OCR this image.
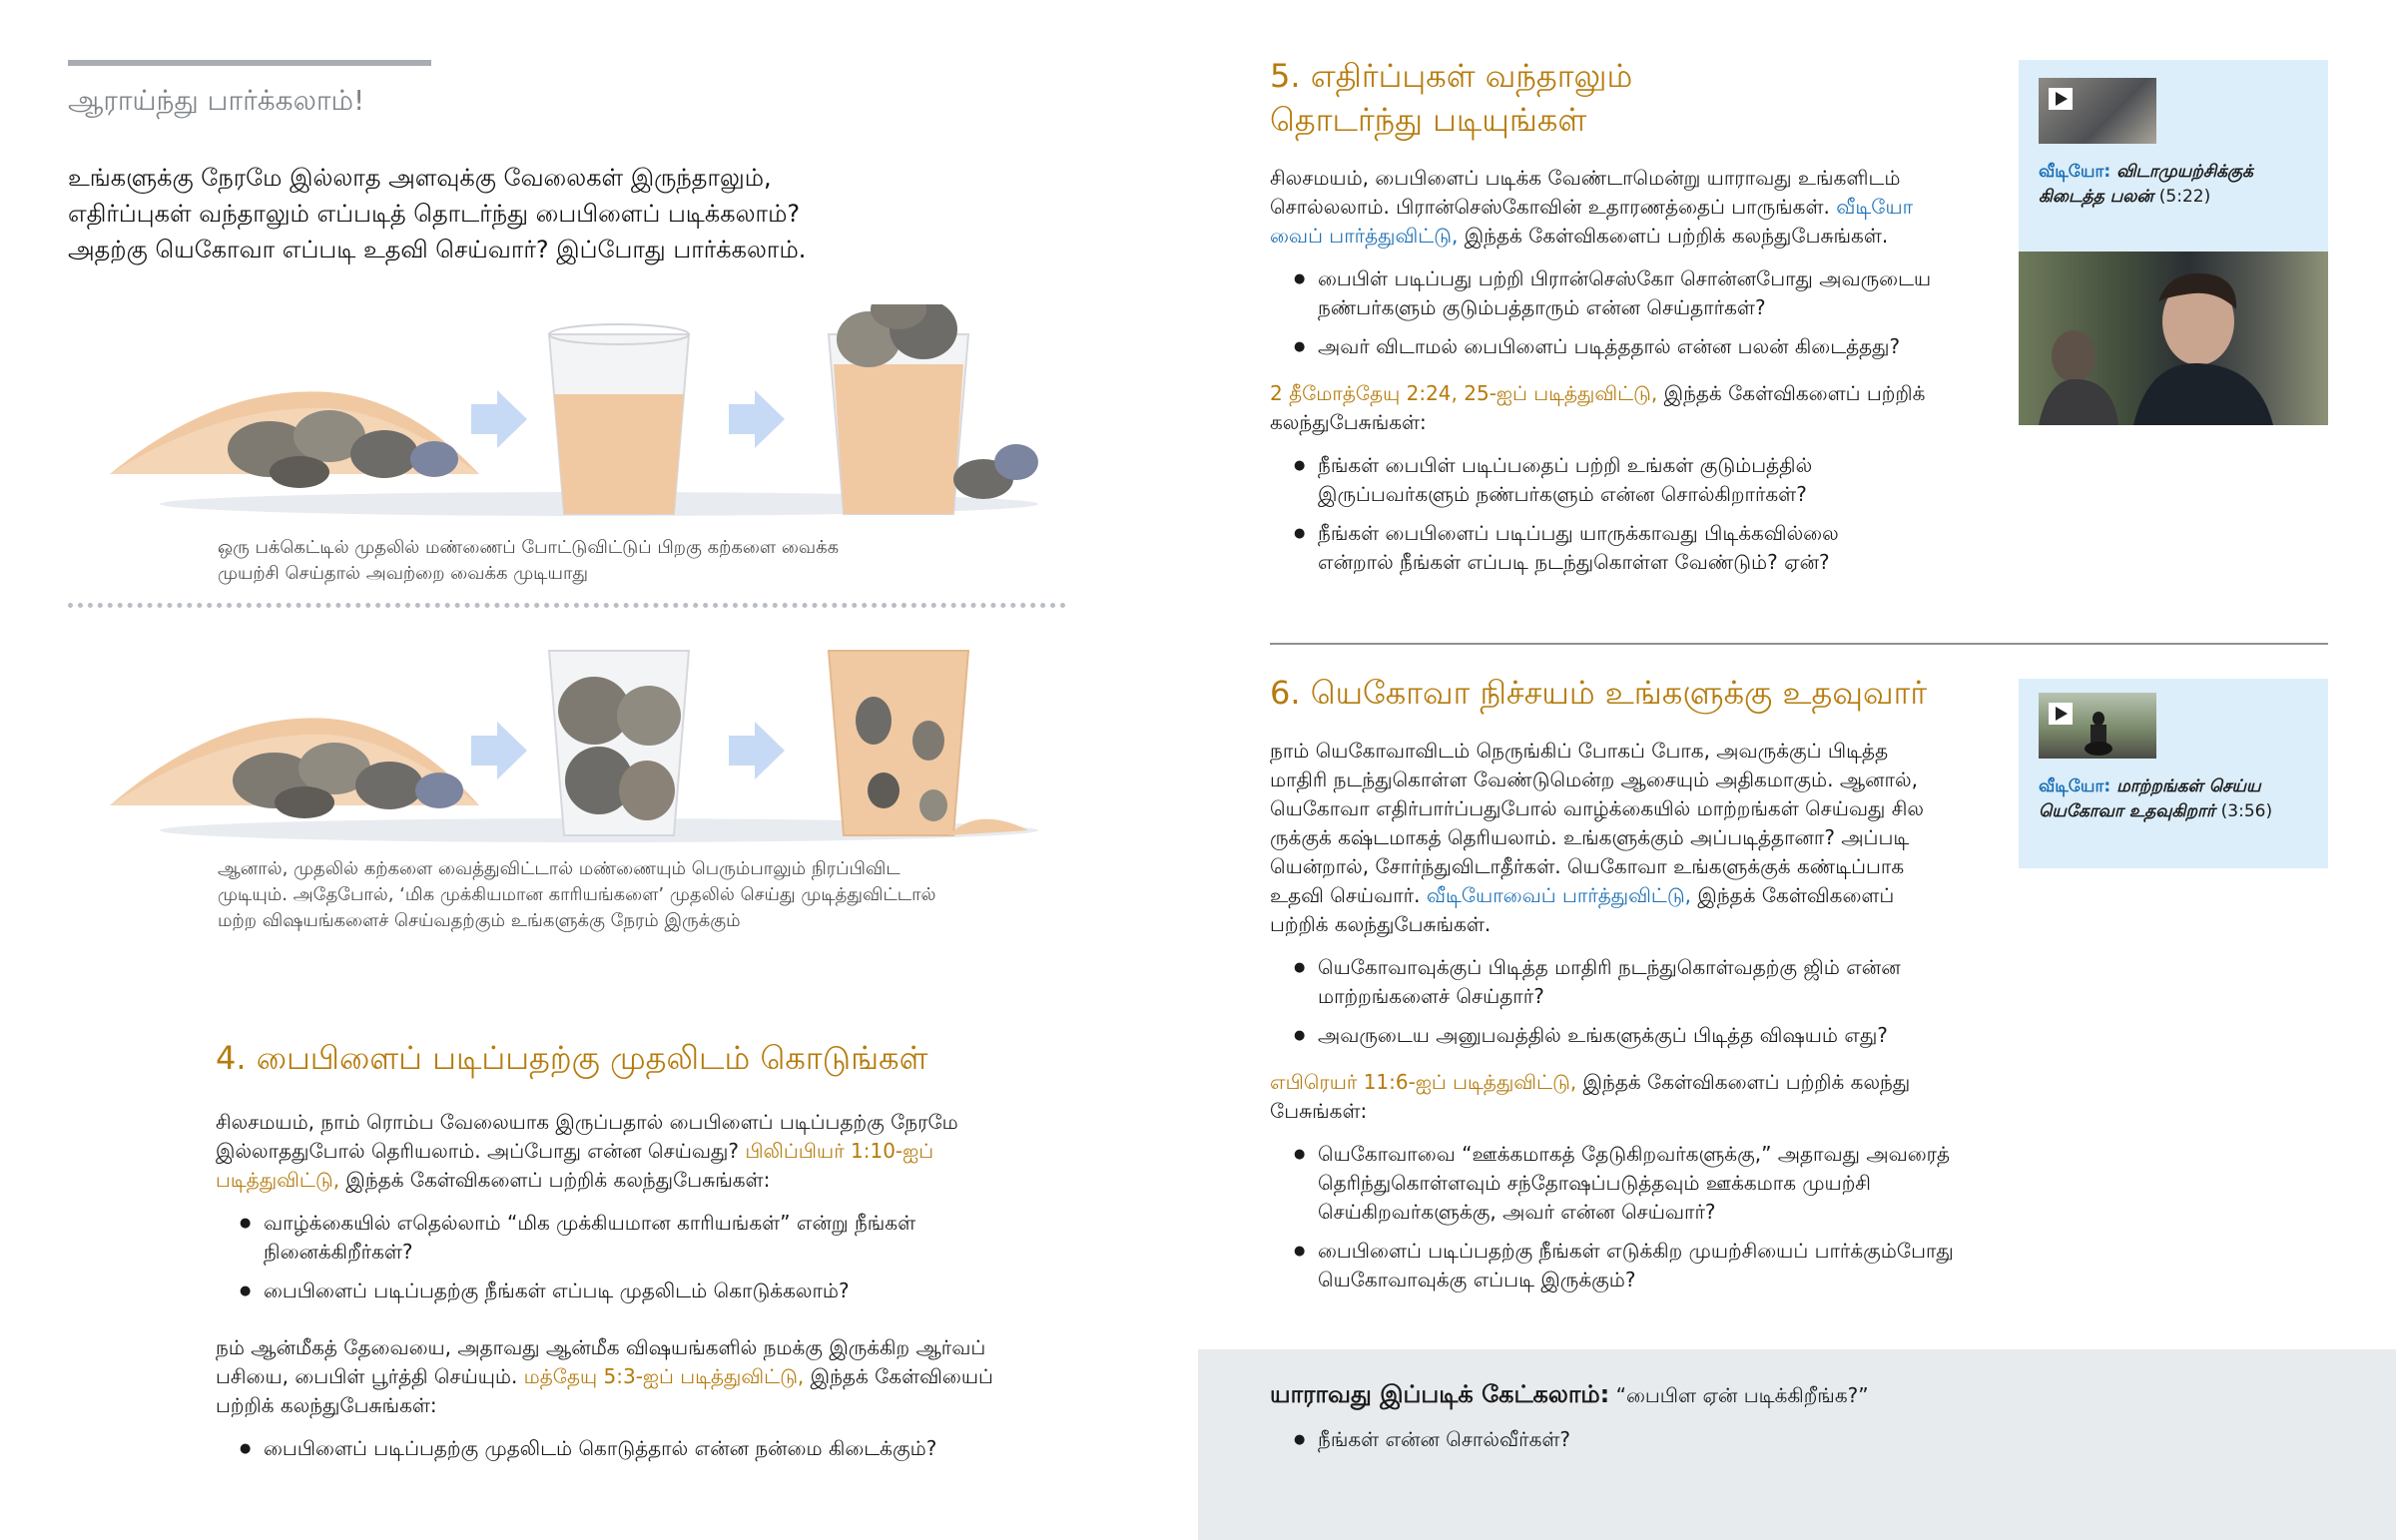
ஆராய்ந்து பார்க்கலாம்!
உங்களுக்கு நேரமே இல்லாத அளவுக்கு வேலைகள் இருந்தாலும்,
எதிர்ப்புகள் வந்தாலும் எப்படித் தொடர்ந்து பைபிளைப் படிக்கலாம்?
அதற்கு யெகோவா எப்படி உதவி செய்வார்? இப்போது பார்க்கலாம்.

ஒரு பக்கெட்டில் முதலில் மண்ணைப் போட்டுவிட்டுப் பிறகு கற்களை வைக்க

முயற்சி செய்தால் அவற்றை வைக்க முடியாது

ஆனால், முதலில் கற்களை வைத்துவிட்டால் மண்ணையும் பெரும்பாலும் நிரப்பிவிட

முடியும். அதேபோல், ‘மிக முக்கியமான காரியங்களை’ முதலில் செய்து முடித்துவிட்டால்

மற்ற விஷயங்களைச் செய்வதற்கும் உங்களுக்கு நேரம் இருக்கும்

4. பைபிளைப் படிப்பதற்கு முதலிடம் கொடுங்கள்

சிலசமயம், நாம் ரொம்ப வேலையாக இருப்பதால் பைபிளைப் படிப்பதற்கு நேரமே
இல்லாததுபோல் தெரியலாம். அப்போது என்ன செய்வது? பிலிப்பியர் 1:10-ஐப்
படித்துவிட்டு, இந்தக் கேள்விகளைப் பற்றிக் கலந்துபேசுங்கள்:

● வாழ்க்கையில் எதெல்லாம் “மிக முக்கியமான காரியங்கள்” என்று நீங்கள் நினைக்கிறீர்கள்?
● பைபிளைப் படிப்பதற்கு நீங்கள் எப்படி முதலிடம் கொடுக்கலாம்?

நம் ஆன்மீகத் தேவையை, அதாவது ஆன்மீக விஷயங்களில் நமக்கு இருக்கிற ஆர்வப்
பசியை, பைபிள் பூர்த்தி செய்யும். மத்தேயு 5:3-ஐப் படித்துவிட்டு, இந்தக் கேள்வியைப்
பற்றிக் கலந்துபேசுங்கள்:

● பைபிளைப் படிப்பதற்கு முதலிடம் கொடுத்தால் என்ன நன்மை கிடைக்கும்?
5. எதிர்ப்புகள் வந்தாலும்
தொடர்ந்து படியுங்கள்

சிலசமயம், பைபிளைப் படிக்க வேண்டாமென்று யாராவது உங்களிடம்
சொல்லலாம். பிரான்செஸ்கோவின் உதாரணத்தைப் பாருங்கள். வீடியோ
வைப் பார்த்துவிட்டு, இந்தக் கேள்விகளைப் பற்றிக் கலந்துபேசுங்கள்.

● பைபிள் படிப்பது பற்றி பிரான்செஸ்கோ சொன்னபோது அவருடைய நண்பர்களும் குடும்பத்தாரும் என்ன செய்தார்கள்?
● அவர் விடாமல் பைபிளைப் படித்ததால் என்ன பலன் கிடைத்தது?

2 தீமோத்தேயு 2:24, 25-ஐப் படித்துவிட்டு, இந்தக் கேள்விகளைப் பற்றிக்
கலந்துபேசுங்கள்:

● நீங்கள் பைபிள் படிப்பதைப் பற்றி உங்கள் குடும்பத்தில் இருப்பவர்களும் நண்பர்களும் என்ன சொல்கிறார்கள்?
● நீங்கள் பைபிளைப் படிப்பது யாருக்காவது பிடிக்கவில்லை என்றால் நீங்கள் எப்படி நடந்துகொள்ள வேண்டும்? ஏன்?
வீடியோ: விடாமுயற்சிக்குக்
கிடைத்த பலன் (5:22)
6. யெகோவா நிச்சயம் உங்களுக்கு உதவுவார்

நாம் யெகோவாவிடம் நெருங்கிப் போகப் போக, அவருக்குப் பிடித்த
மாதிரி நடந்துகொள்ள வேண்டுமென்ற ஆசையும் அதிகமாகும். ஆனால்,
யெகோவா எதிர்பார்ப்பதுபோல் வாழ்க்கையில் மாற்றங்கள் செய்வது சில
ருக்குக் கஷ்டமாகத் தெரியலாம். உங்களுக்கும் அப்படித்தானா? அப்படி
யென்றால், சோர்ந்துவிடாதீர்கள். யெகோவா உங்களுக்குக் கண்டிப்பாக
உதவி செய்வார். வீடியோவைப் பார்த்துவிட்டு, இந்தக் கேள்விகளைப்
பற்றிக் கலந்துபேசுங்கள்.

● யெகோவாவுக்குப் பிடித்த மாதிரி நடந்துகொள்வதற்கு ஜிம் என்ன மாற்றங்களைச் செய்தார்?
● அவருடைய அனுபவத்தில் உங்களுக்குப் பிடித்த விஷயம் எது?

எபிரெயர் 11:6-ஐப் படித்துவிட்டு, இந்தக் கேள்விகளைப் பற்றிக் கலந்து
பேசுங்கள்:

● யெகோவாவை “ஊக்கமாகத் தேடுகிறவர்களுக்கு,” அதாவது அவரைத் தெரிந்துகொள்ளவும் சந்தோஷப்படுத்தவும் ஊக்கமாக முயற்சி செய்கிறவர்களுக்கு, அவர் என்ன செய்வார்?
● பைபிளைப் படிப்பதற்கு நீங்கள் எடுக்கிற முயற்சியைப் பார்க்கும்போது யெகோவாவுக்கு எப்படி இருக்கும்?
வீடியோ: மாற்றங்கள் செய்ய
யெகோவா உதவுகிறார் (3:56)
யாராவது இப்படிக் கேட்கலாம்: “பைபிள ஏன் படிக்கிறீங்க?”
● நீங்கள் என்ன சொல்வீர்கள்?
